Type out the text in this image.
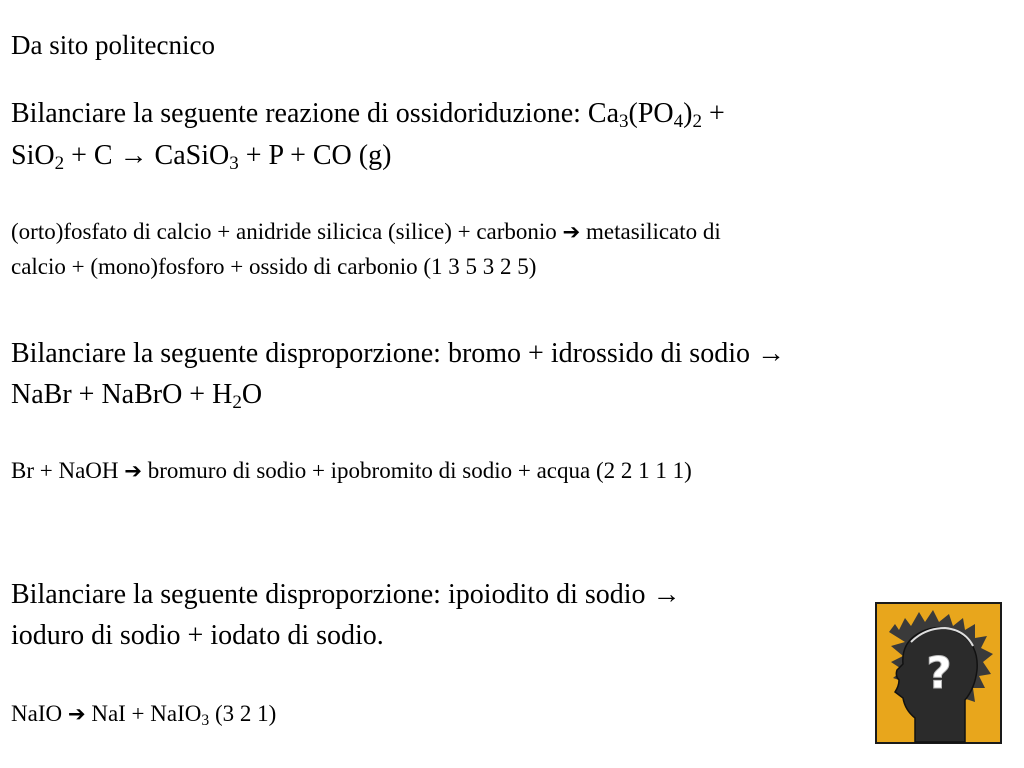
Da sito politecnico
Bilanciare la seguente reazione di ossidoriduzione: $Ca_3(PO_4)_2$ +
SiO$_2$ + C → CaSiO$_3$ + P + CO (g)
(orto)fosfato di calcio + anidride silicica (silice) + carbonio ➔ metasilicato di
calcio + (mono)fosforo + ossido di carbonio (1 3 5 3 2 5)
Bilanciare la seguente disproporzione: bromo + idrossido di sodio →
NaBr + NaBrO + $H_2O$
Br + NaOH ➔ bromuro di sodio + ipobromito di sodio + acqua (2 2 1 1 1)
Bilanciare la seguente disproporzione: ipoiodito di sodio →
ioduro di sodio + iodato di sodio.
NaIO ➔ NaI + NaIO$_3$ (3 2 1)
?
